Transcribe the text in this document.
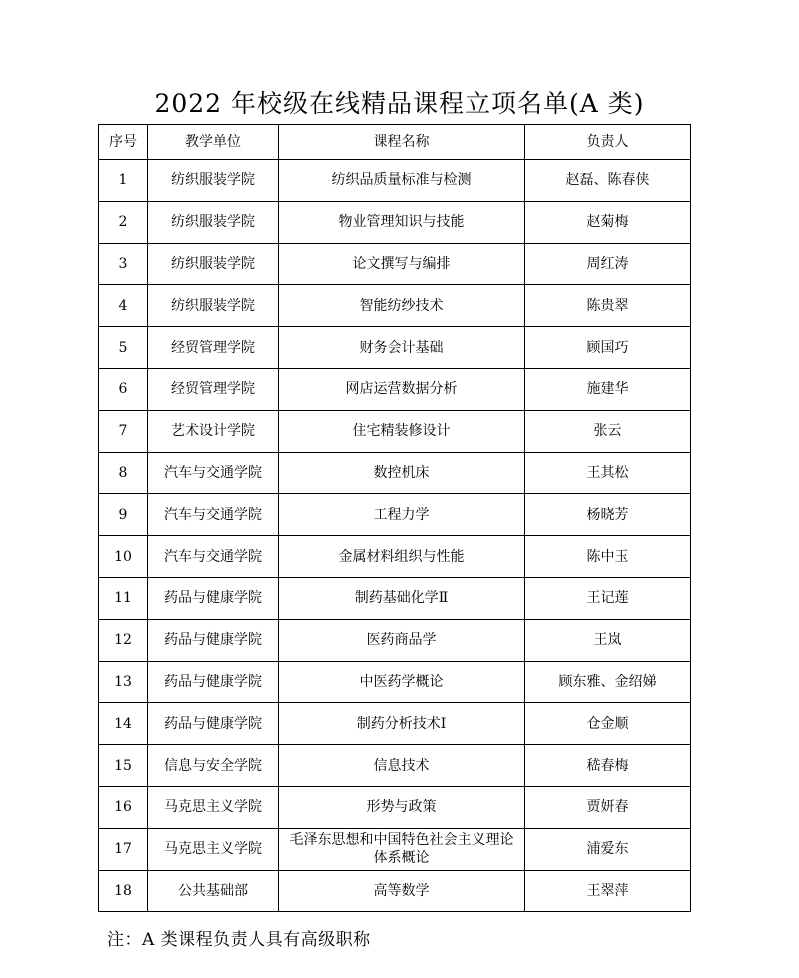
2022 年校级在线精品课程立项名单(A 类)
序号	教学单位	课程名称	负责人
1	纺织服装学院	纺织品质量标准与检测	赵磊、陈春侠
2	纺织服装学院	物业管理知识与技能	赵菊梅
3	纺织服装学院	论文撰写与编排	周红涛
4	纺织服装学院	智能纺纱技术	陈贵翠
5	经贸管理学院	财务会计基础	顾国巧
6	经贸管理学院	网店运营数据分析	施建华
7	艺术设计学院	住宅精装修设计	张云
8	汽车与交通学院	数控机床	王其松
9	汽车与交通学院	工程力学	杨晓芳
10	汽车与交通学院	金属材料组织与性能	陈中玉
11	药品与健康学院	制药基础化学Ⅱ	王记莲
12	药品与健康学院	医药商品学	王岚
13	药品与健康学院	中医药学概论	顾东雅、金绍娣
14	药品与健康学院	制药分析技术Ⅰ	仓金顺
15	信息与安全学院	信息技术	嵇春梅
16	马克思主义学院	形势与政策	贾妍春
17	马克思主义学院	毛泽东思想和中国特色社会主义理论体系概论	浦爱东
18	公共基础部	高等数学	王翠萍
注：A 类课程负责人具有高级职称
